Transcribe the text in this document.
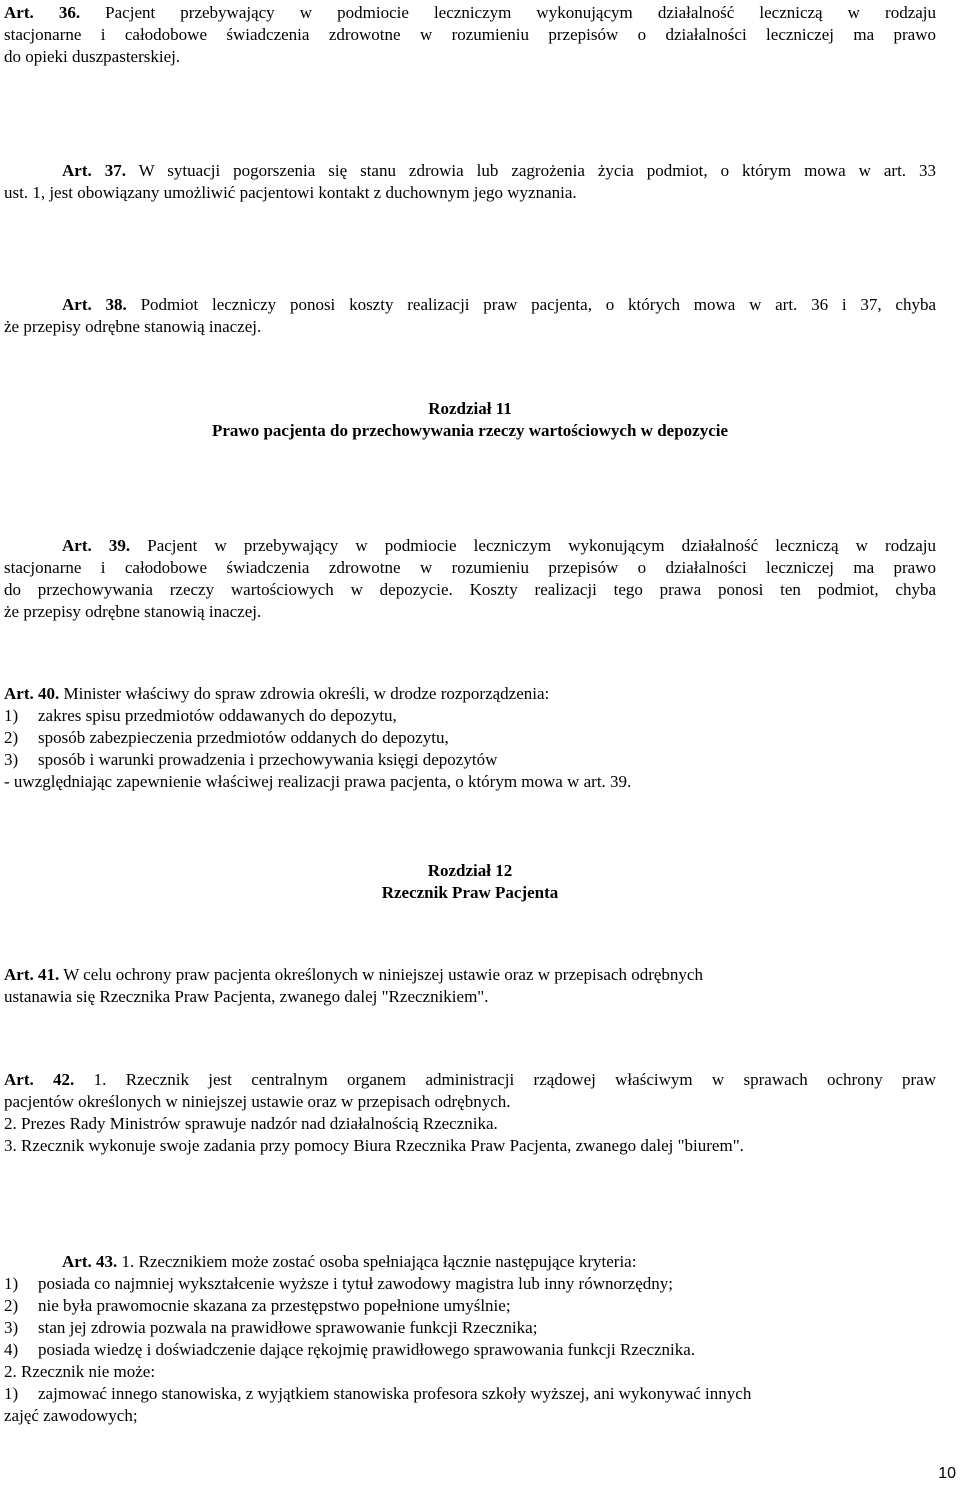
Art. 36. Pacjent przebywający w podmiocie leczniczym wykonującym działalność leczniczą w rodzaju
stacjonarne i całodobowe świadczenia zdrowotne w rozumieniu przepisów o działalności leczniczej ma prawo
do opieki duszpasterskiej.
Art. 37. W sytuacji pogorszenia się stanu zdrowia lub zagrożenia życia podmiot, o którym mowa w art. 33
ust. 1, jest obowiązany umożliwić pacjentowi kontakt z duchownym jego wyznania.
Art. 38. Podmiot leczniczy ponosi koszty realizacji praw pacjenta, o których mowa w art. 36 i 37, chyba
że przepisy odrębne stanowią inaczej.
Rozdział 11
Prawo pacjenta do przechowywania rzeczy wartościowych w depozycie
Art. 39. Pacjent w przebywający w podmiocie leczniczym wykonującym działalność leczniczą w rodzaju
stacjonarne i całodobowe świadczenia zdrowotne w rozumieniu przepisów o działalności leczniczej ma prawo
do przechowywania rzeczy wartościowych w depozycie. Koszty realizacji tego prawa ponosi ten podmiot, chyba
że przepisy odrębne stanowią inaczej.
Art. 40. Minister właściwy do spraw zdrowia określi, w drodze rozporządzenia:
1) zakres spisu przedmiotów oddawanych do depozytu,
2) sposób zabezpieczenia przedmiotów oddanych do depozytu,
3) sposób i warunki prowadzenia i przechowywania księgi depozytów
- uwzględniając zapewnienie właściwej realizacji prawa pacjenta, o którym mowa w art. 39.
Rozdział 12
Rzecznik Praw Pacjenta
Art. 41. W celu ochrony praw pacjenta określonych w niniejszej ustawie oraz w przepisach odrębnych
ustanawia się Rzecznika Praw Pacjenta, zwanego dalej "Rzecznikiem".
Art. 42. 1. Rzecznik jest centralnym organem administracji rządowej właściwym w sprawach ochrony praw
pacjentów określonych w niniejszej ustawie oraz w przepisach odrębnych.
2. Prezes Rady Ministrów sprawuje nadzór nad działalnością Rzecznika.
3. Rzecznik wykonuje swoje zadania przy pomocy Biura Rzecznika Praw Pacjenta, zwanego dalej "biurem".
Art. 43. 1. Rzecznikiem może zostać osoba spełniająca łącznie następujące kryteria:
1) posiada co najmniej wykształcenie wyższe i tytuł zawodowy magistra lub inny równorzędny;
2) nie była prawomocnie skazana za przestępstwo popełnione umyślnie;
3) stan jej zdrowia pozwala na prawidłowe sprawowanie funkcji Rzecznika;
4) posiada wiedzę i doświadczenie dające rękojmię prawidłowego sprawowania funkcji Rzecznika.
2. Rzecznik nie może:
1) zajmować innego stanowiska, z wyjątkiem stanowiska profesora szkoły wyższej, ani wykonywać innych
zajęć zawodowych;
10
